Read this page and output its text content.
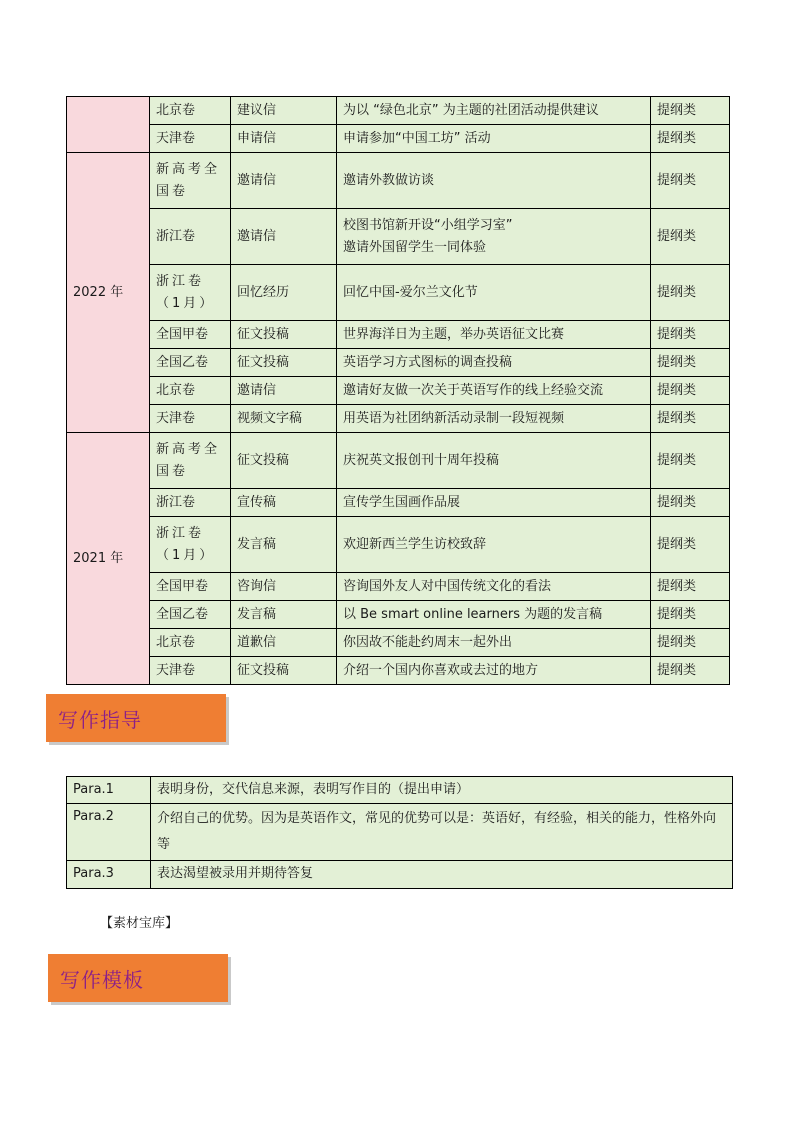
	北京卷	建议信	为以 “绿色北京” 为主题的社团活动提供建议	提纲类
	天津卷	申请信	申请参加“中国工坊” 活动	提纲类
2022 年	新高考全国卷	邀请信	邀请外教做访谈	提纲类
	浙江卷	邀请信	校图书馆新开设“小组学习室”
邀请外国留学生一同体验	提纲类
	浙江卷（1月）	回忆经历	回忆中国-爱尔兰文化节	提纲类
	全国甲卷	征文投稿	世界海洋日为主题，举办英语征文比赛	提纲类
	全国乙卷	征文投稿	英语学习方式图标的调查投稿	提纲类
	北京卷	邀请信	邀请好友做一次关于英语写作的线上经验交流	提纲类
	天津卷	视频文字稿	用英语为社团纳新活动录制一段短视频	提纲类
2021 年	新高考全国卷	征文投稿	庆祝英文报创刊十周年投稿	提纲类
	浙江卷	宣传稿	宣传学生国画作品展	提纲类
	浙江卷（1月）	发言稿	欢迎新西兰学生访校致辞	提纲类
	全国甲卷	咨询信	咨询国外友人对中国传统文化的看法	提纲类
	全国乙卷	发言稿	以 Be smart online learners 为题的发言稿	提纲类
	北京卷	道歉信	你因故不能赴约周末一起外出	提纲类
	天津卷	征文投稿	介绍一个国内你喜欢或去过的地方	提纲类
写作指导
Para.1	表明身份，交代信息来源，表明写作目的（提出申请）
Para.2	介绍自己的优势。因为是英语作文，常见的优势可以是：英语好，有经验，相关的能力，性格外向等
Para.3	表达渴望被录用并期待答复
【素材宝库】
写作模板
